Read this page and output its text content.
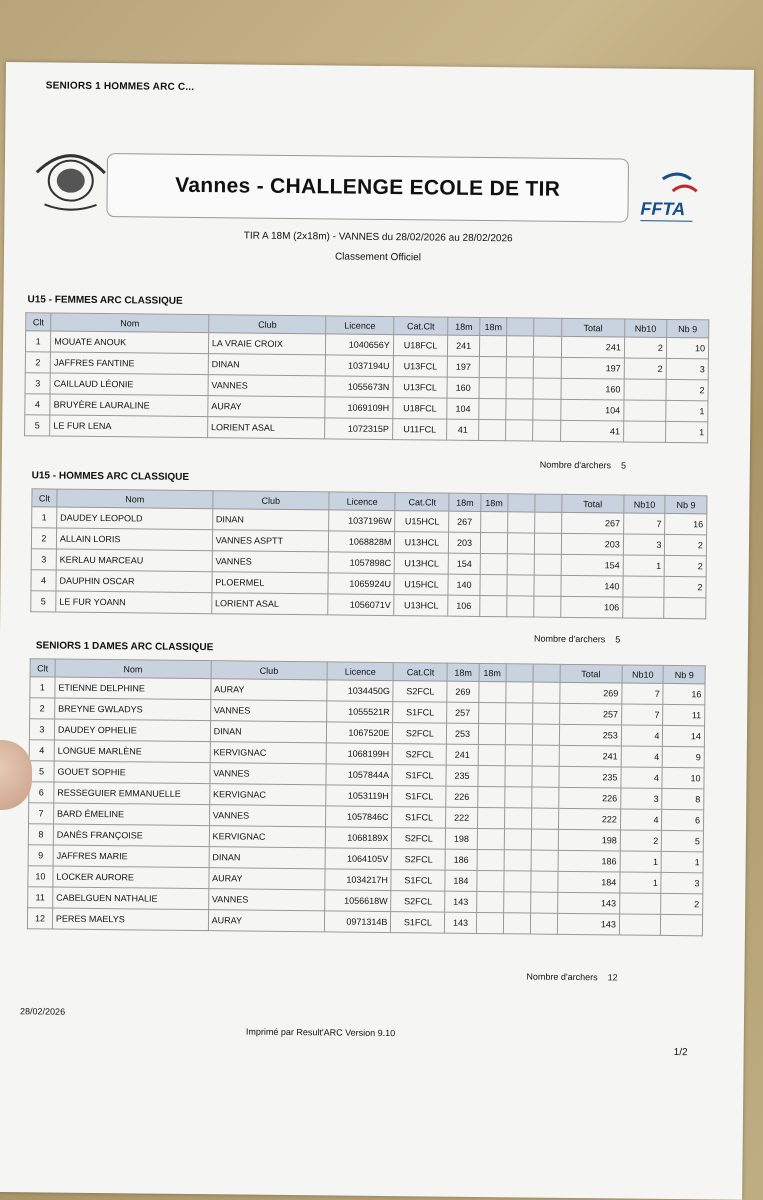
SENIORS 1 HOMMES ARC C...
Vannes - CHALLENGE ECOLE DE TIR
FFTA
TIR A 18M (2x18m) - VANNES du 28/02/2026 au 28/02/2026
Classement Officiel
U15 - FEMMES ARC CLASSIQUE
Clt	Nom	Club	Licence	Cat.Clt	18m	18m			Total	Nb10	Nb 9
1	MOUATE ANOUK	LA VRAIE CROIX	1040656Y	U18FCL	241				241	2	10
2	JAFFRES FANTINE	DINAN	1037194U	U13FCL	197				197	2	3
3	CAILLAUD LÉONIE	VANNES	1055673N	U13FCL	160				160		2
4	BRUYÈRE LAURALINE	AURAY	1069109H	U18FCL	104				104		1
5	LE FUR LENA	LORIENT ASAL	1072315P	U11FCL	41				41		1
Nombre d'archers 5
U15 - HOMMES ARC CLASSIQUE
Clt	Nom	Club	Licence	Cat.Clt	18m	18m			Total	Nb10	Nb 9
1	DAUDEY LEOPOLD	DINAN	1037196W	U15HCL	267				267	7	16
2	ALLAIN LORIS	VANNES ASPTT	1068828M	U13HCL	203				203	3	2
3	KERLAU MARCEAU	VANNES	1057898C	U13HCL	154				154	1	2
4	DAUPHIN OSCAR	PLOERMEL	1065924U	U15HCL	140				140		2
5	LE FUR YOANN	LORIENT ASAL	1056071V	U13HCL	106				106		
Nombre d'archers 5
SENIORS 1 DAMES ARC CLASSIQUE
Clt	Nom	Club	Licence	Cat.Clt	18m	18m			Total	Nb10	Nb 9
1	ETIENNE DELPHINE	AURAY	1034450G	S2FCL	269				269	7	16
2	BREYNE GWLADYS	VANNES	1055521R	S1FCL	257				257	7	11
3	DAUDEY OPHELIE	DINAN	1067520E	S2FCL	253				253	4	14
4	LONGUE MARLÈNE	KERVIGNAC	1068199H	S2FCL	241				241	4	9
5	GOUET SOPHIE	VANNES	1057844A	S1FCL	235				235	4	10
6	RESSEGUIER EMMANUELLE	KERVIGNAC	1053119H	S1FCL	226				226	3	8
7	BARD ÉMELINE	VANNES	1057846C	S1FCL	222				222	4	6
8	DANÈS FRANÇOISE	KERVIGNAC	1068189X	S2FCL	198				198	2	5
9	JAFFRES MARIE	DINAN	1064105V	S2FCL	186				186	1	1
10	LOCKER AURORE	AURAY	1034217H	S1FCL	184				184	1	3
11	CABELGUEN NATHALIE	VANNES	1056618W	S2FCL	143				143		2
12	PERES MAELYS	AURAY	0971314B	S1FCL	143				143		
Nombre d'archers 12
28/02/2026
Imprimé par Result'ARC Version 9.10
1/2
